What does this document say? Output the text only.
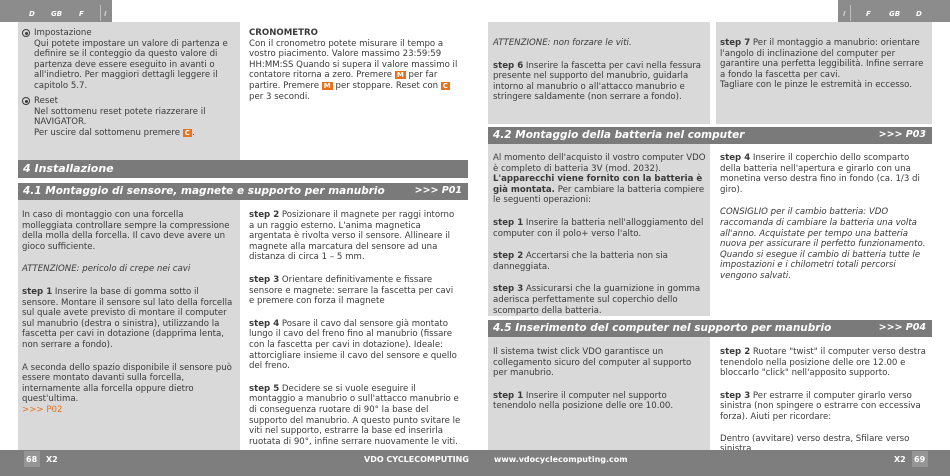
D GB F	I	I	F	GB D
Impostazione
Qui potete impostare un valore di partenza e definire se il conteggio da questo valore di partenza deve essere eseguito in avanti o all'indietro. Per maggiori dettagli leggere il capitolo 5.7.
Reset
Nel sottomenu reset potete riazzerare il NAVIGATOR.
Per uscire dal sottomenu premere C .
CRONOMETRO
Con il cronometro potete misurare il tempo a vostro piacimento. Valore massimo 23:59:59 HH:MM:SS Quando si supera il valore massimo il contatore ritorna a zero. Premere M per far partire. Premere M per stoppare. Reset con C per 3 secondi.
4 Installazione
4.1 Montaggio di sensore, magnete e supporto per manubrio	>>> P01

In caso di montaggio con una forcella molleggiata controllare sempre la compressione della molla della forcella. Il cavo deve avere un gioco sufficiente.

ATTENZIONE: pericolo di crepe nei cavi

step 1 Inserire la base di gomma sotto il sensore. Montare il sensore sul lato della forcella sul quale avete previsto di montare il computer sul manubrio (destra o sinistra), utilizzando la fascetta per cavi in dotazione (dapprima lenta, non serrare a fondo).

A seconda dello spazio disponibile il sensore può essere montato davanti sulla forcella, internamente alla forcella oppure dietro quest'ultima.

>>> P02

step 2 Posizionare il magnete per raggi intorno a un raggio esterno. L'anima magnetica argentata è rivolta verso il sensore. Allineare il magnete alla marcatura del sensore ad una distanza di circa 1 – 5 mm.

step 3 Orientare definitivamente e fissare sensore e magnete: serrare la fascetta per cavi e premere con forza il magnete

step 4 Posare il cavo dal sensore già montato lungo il cavo del freno fino al manubrio (fissare con la fascetta per cavi in dotazione). Ideale: attorcigliare insieme il cavo del sensore e quello del freno.

step 5 Decidere se si vuole eseguire il montaggio a manubrio o sull'attacco manubrio e di conseguenza ruotare di 90° la base del supporto del manubrio. A questo punto svitare le viti nel supporto, estrarre la base ed inserirla ruotata di 90°, infine serrare nuovamente le viti.

ATTENZIONE: non forzare le viti.

step 6 Inserire la fascetta per cavi nella fessura presente nel supporto del manubrio, guidarla intorno al manubrio o all'attacco manubrio e stringere saldamente (non serrare a fondo).

step 7 Per il montaggio a manubrio: orientare l'angolo di inclinazione del computer per garantire una perfetta leggibilità. Infine serrare a fondo la fascetta per cavi.

Tagliare con le pinze le estremità in eccesso.

4.2 Montaggio della batteria nel computer	>>> P03

Al momento dell'acquisto il vostro computer VDO è completo di batteria 3V (mod. 2032). L'apparecchi viene fornito con la batteria è già montata. Per cambiare la batteria compiere le seguenti operazioni:

step 1 Inserire la batteria nell'alloggiamento del computer con il polo+ verso l'alto.

step 2 Accertarsi che la batteria non sia danneggiata.

step 3 Assicurarsi che la guarnizione in gomma aderisca perfettamente sul coperchio dello scomparto della batteria.

step 4 Inserire il coperchio dello scomparto della batteria nell'apertura e girarlo con una monetina verso destra fino in fondo (ca. 1/3 di giro).

CONSIGLIO per il cambio batteria: VDO raccomanda di cambiare la batteria una volta all'anno. Acquistate per tempo una batteria nuova per assicurare il perfetto funzionamento. Quando si esegue il cambio di batteria tutte le impostazioni e i chilometri totali percorsi vengono salvati.

4.5 Inserimento del computer nel supporto per manubrio	>>> P04

Il sistema twist click VDO garantisce un collegamento sicuro del computer al supporto per manubrio.

step 1 Inserire il computer nel supporto tenendolo nella posizione delle ore 10.00.

step 2 Ruotare "twist" il computer verso destra tenendolo nella posizione delle ore 12.00 e bloccarlo "click" nell'apposito supporto.

step 3 Per estrarre il computer girarlo verso sinistra (non spingere o estrarre con eccessiva forza). Aiuti per ricordare:

Dentro (avvitare) verso destra, Sfilare verso

68 X2	VDO CYCLECOMPUTING	www.vdocyclecomputing.com	X2 69
